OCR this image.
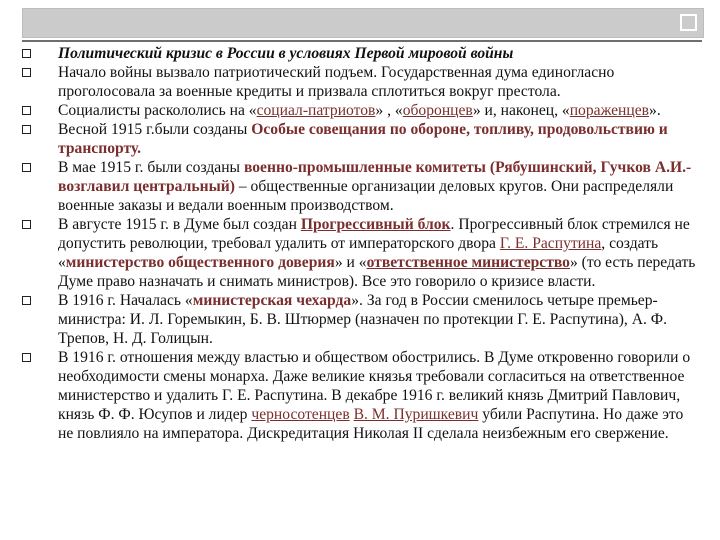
Политический кризис в России в условиях Первой мировой войны
Начало войны вызвало патриотический подъем. Государственная дума единогласно проголосовала за военные кредиты и призвала сплотиться вокруг престола.
Социалисты раскололись на «социал-патриотов» , «оборонцев» и, наконец, «пораженцев».
Весной 1915 г.были созданы Особые совещания по обороне, топливу, продовольствию и транспорту.
В мае 1915 г. были созданы военно-промышленные комитеты (Рябушинский, Гучков А.И.-возглавил центральный) – общественные организации деловых кругов. Они распределяли военные заказы и ведали военным производством.
В августе 1915 г. в Думе был создан Прогрессивный блок. Прогрессивный блок стремился не допустить революции, требовал удалить от императорского двора Г. Е. Распутина, создать «министерство общественного доверия» и «ответственное министерство» (то есть передать Думе право назначать и снимать министров). Все это говорило о кризисе власти.
В 1916 г. Началась «министерская чехарда». За год в России сменилось четыре премьер-министра: И. Л. Горемыкин, Б. В. Штюрмер (назначен по протекции Г. Е. Распутина), А. Ф. Трепов, Н. Д. Голицын.
В 1916 г. отношения между властью и обществом обострились. В Думе откровенно говорили о необходимости смены монарха. Даже великие князья требовали согласиться на ответственное министерство и удалить Г. Е. Распутина. В декабре 1916 г. великий князь Дмитрий Павлович, князь Ф. Ф. Юсупов и лидер черносотенцев В. М. Пуришкевич убили Распутина. Но даже это не повлияло на императора. Дискредитация Николая II сделала неизбежным его свержение.
